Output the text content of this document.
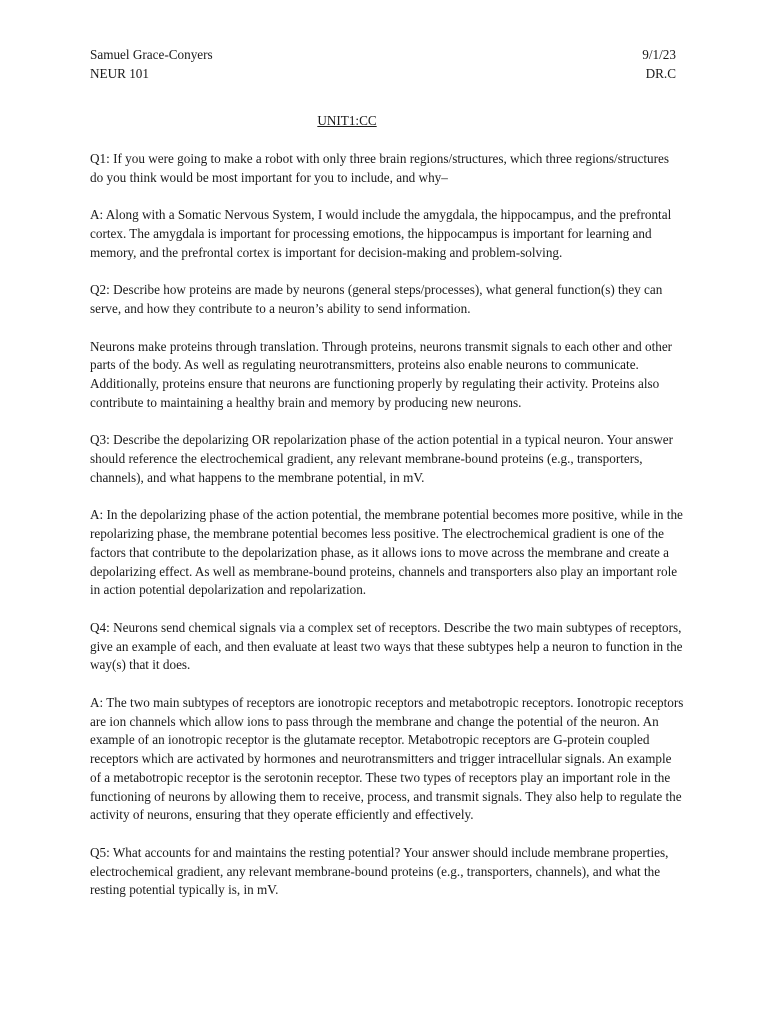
Samuel Grace-Conyers	9/1/23
NEUR 101	DR.C
UNIT1:CC

Q1: If you were going to make a robot with only three brain regions/structures, which three regions/structures do you think would be most important for you to include, and why–

A: Along with a Somatic Nervous System, I would include the amygdala, the hippocampus, and the prefrontal cortex. The amygdala is important for processing emotions, the hippocampus is important for learning and memory, and the prefrontal cortex is important for decision-making and problem-solving.

Q2: Describe how proteins are made by neurons (general steps/processes), what general function(s) they can serve, and how they contribute to a neuron’s ability to send information.

Neurons make proteins through translation. Through proteins, neurons transmit signals to each other and other parts of the body. As well as regulating neurotransmitters, proteins also enable neurons to communicate. Additionally, proteins ensure that neurons are functioning properly by regulating their activity. Proteins also contribute to maintaining a healthy brain and memory by producing new neurons.

Q3: Describe the depolarizing OR repolarization phase of the action potential in a typical neuron. Your answer should reference the electrochemical gradient, any relevant membrane-bound proteins (e.g., transporters, channels), and what happens to the membrane potential, in mV.

A: In the depolarizing phase of the action potential, the membrane potential becomes more positive, while in the repolarizing phase, the membrane potential becomes less positive. The electrochemical gradient is one of the factors that contribute to the depolarization phase, as it allows ions to move across the membrane and create a depolarizing effect. As well as membrane-bound proteins, channels and transporters also play an important role in action potential depolarization and repolarization.

Q4: Neurons send chemical signals via a complex set of receptors. Describe the two main subtypes of receptors, give an example of each, and then evaluate at least two ways that these subtypes help a neuron to function in the way(s) that it does.

A: The two main subtypes of receptors are ionotropic receptors and metabotropic receptors. Ionotropic receptors are ion channels which allow ions to pass through the membrane and change the potential of the neuron. An example of an ionotropic receptor is the glutamate receptor. Metabotropic receptors are G-protein coupled receptors which are activated by hormones and neurotransmitters and trigger intracellular signals. An example of a metabotropic receptor is the serotonin receptor. These two types of receptors play an important role in the functioning of neurons by allowing them to receive, process, and transmit signals. They also help to regulate the activity of neurons, ensuring that they operate efficiently and effectively.

Q5: What accounts for and maintains the resting potential? Your answer should include membrane properties, electrochemical gradient, any relevant membrane-bound proteins (e.g., transporters, channels), and what the resting potential typically is, in mV.
